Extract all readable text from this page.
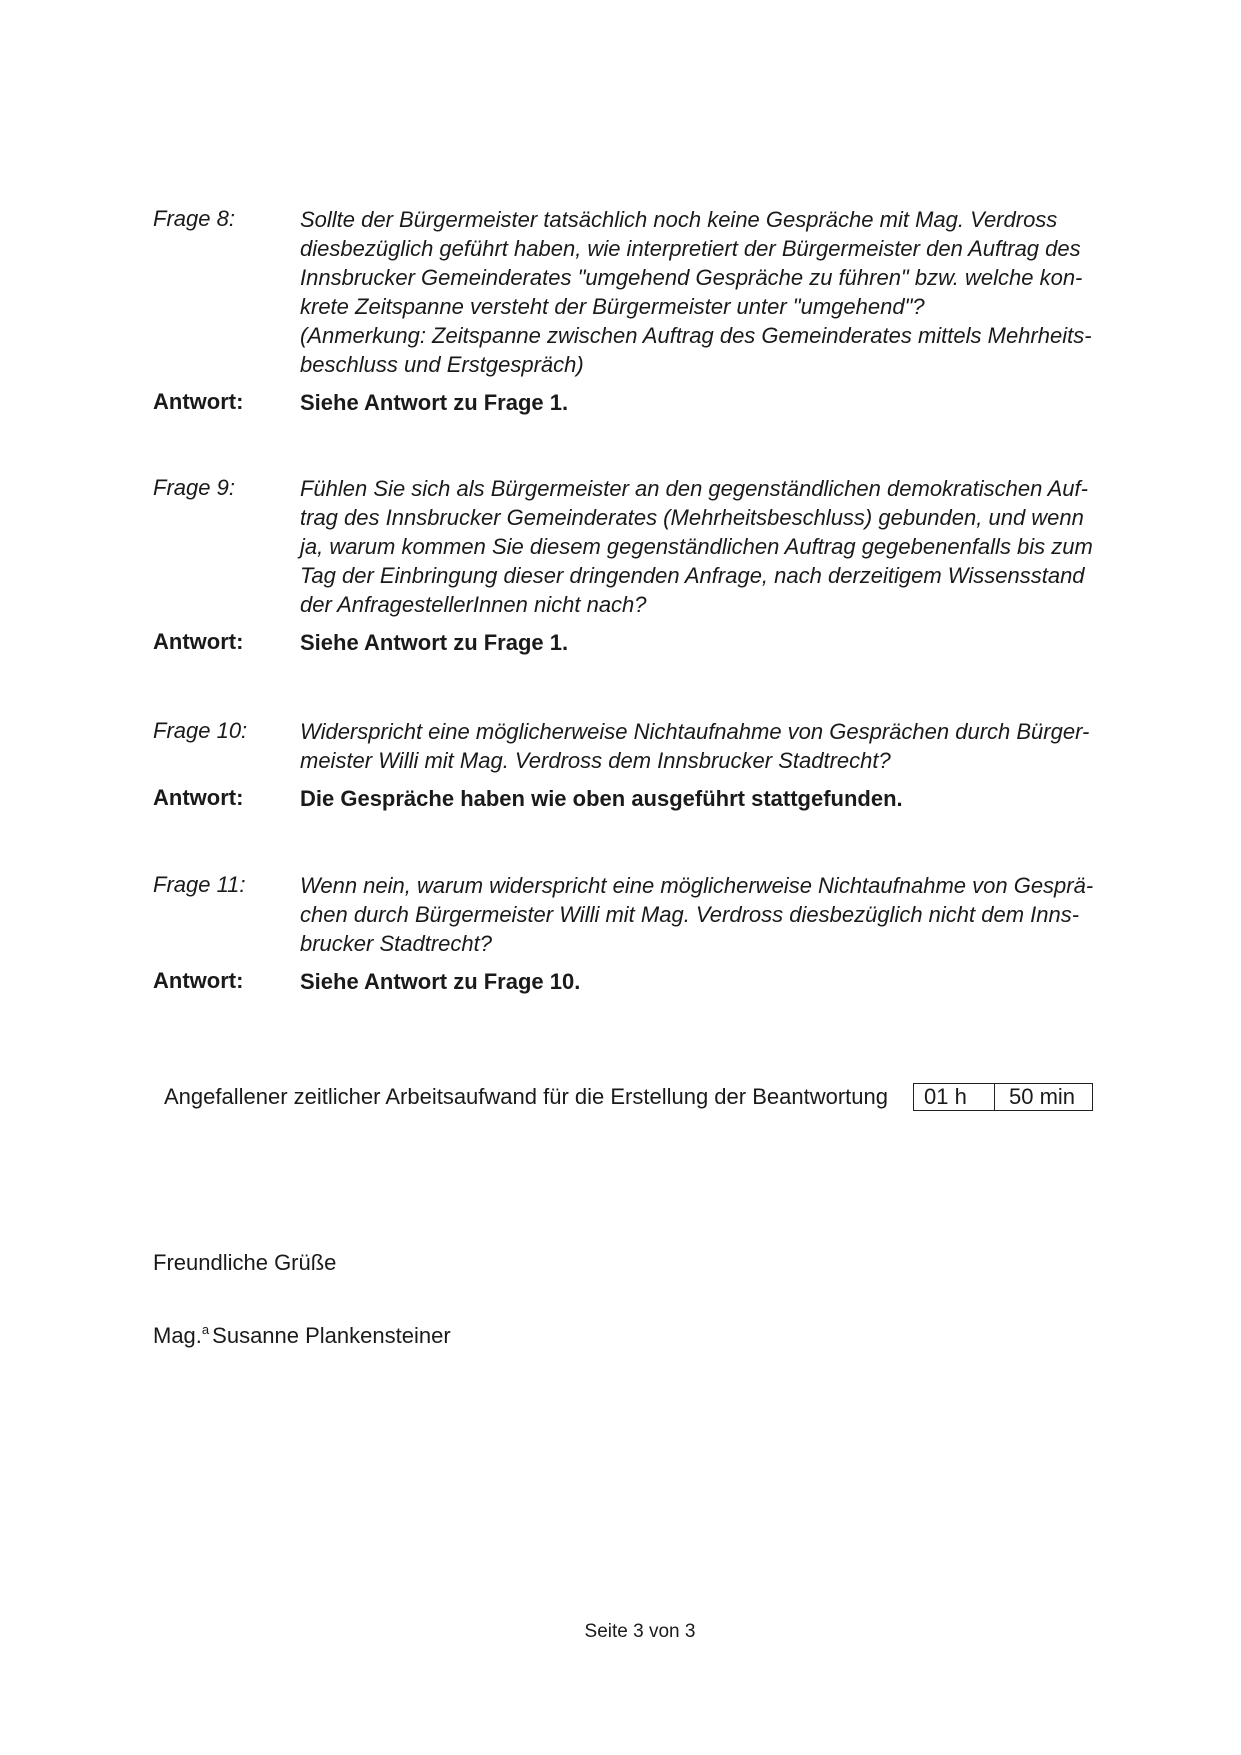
Frage 8:	Sollte der Bürgermeister tatsächlich noch keine Gespräche mit Mag. Verdross
diesbezüglich geführt haben, wie interpretiert der Bürgermeister den Auftrag des
Innsbrucker Gemeinderates "umgehend Gespräche zu führen" bzw. welche kon-
krete Zeitspanne versteht der Bürgermeister unter "umgehend"?
(Anmerkung: Zeitspanne zwischen Auftrag des Gemeinderates mittels Mehrheits-
beschluss und Erstgespräch)
Antwort:	Siehe Antwort zu Frage 1.
Frage 9:	Fühlen Sie sich als Bürgermeister an den gegenständlichen demokratischen Auf-
trag des Innsbrucker Gemeinderates (Mehrheitsbeschluss) gebunden, und wenn
ja, warum kommen Sie diesem gegenständlichen Auftrag gegebenenfalls bis zum
Tag der Einbringung dieser dringenden Anfrage, nach derzeitigem Wissensstand
der AnfragestellerInnen nicht nach?
Antwort:	Siehe Antwort zu Frage 1.
Frage 10:	Widerspricht eine möglicherweise Nichtaufnahme von Gesprächen durch Bürger-
meister Willi mit Mag. Verdross dem Innsbrucker Stadtrecht?
Antwort:	Die Gespräche haben wie oben ausgeführt stattgefunden.
Frage 11:	Wenn nein, warum widerspricht eine möglicherweise Nichtaufnahme von Gesprä-
chen durch Bürgermeister Willi mit Mag. Verdross diesbezüglich nicht dem Inns-
brucker Stadtrecht?
Antwort:	Siehe Antwort zu Frage 10.
Angefallener zeitlicher Arbeitsaufwand für die Erstellung der Beantwortung	01 h	50 min
Freundliche Grüße
Mag.$^a$ Susanne Plankensteiner
Seite 3 von 3
